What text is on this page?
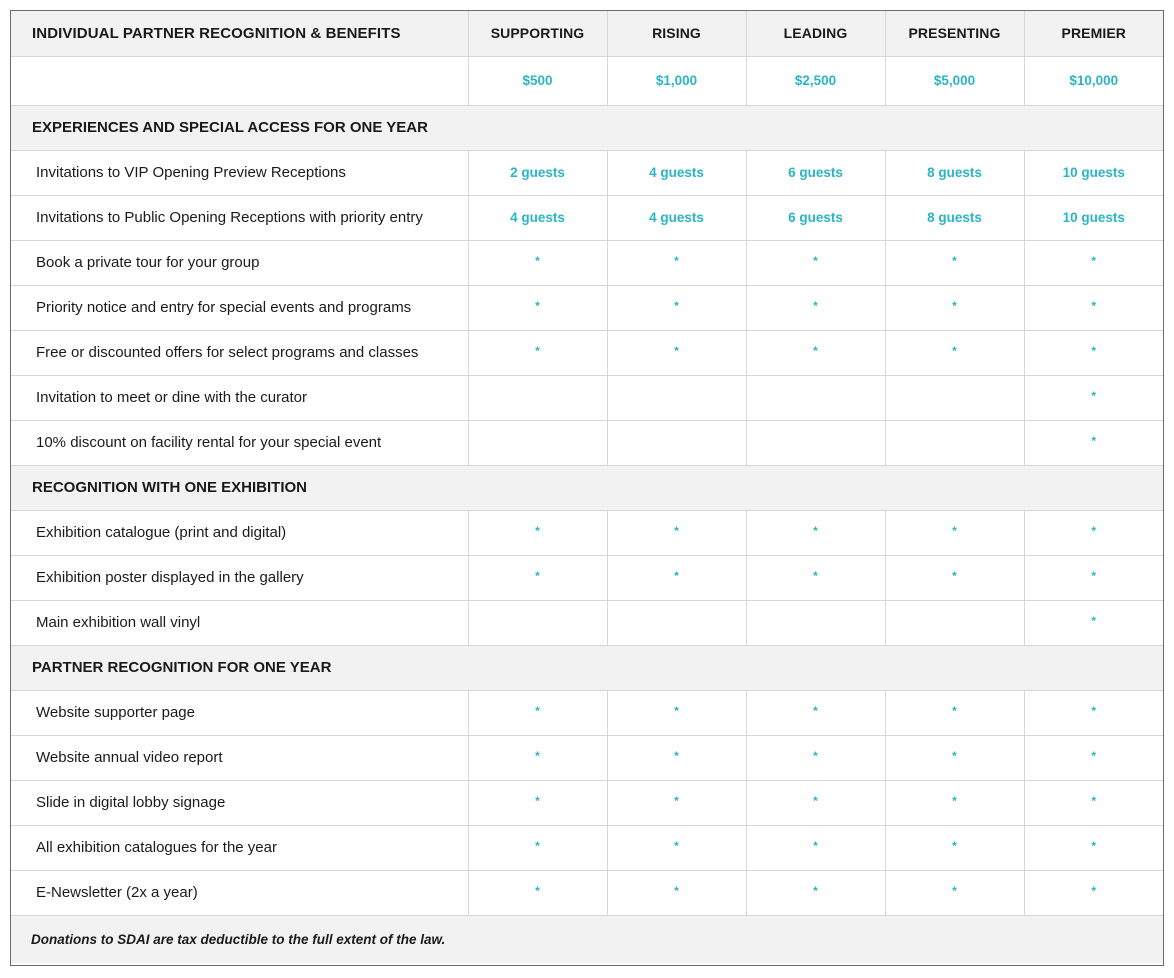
INDIVIDUAL PARTNER RECOGNITION & BENEFITS	SUPPORTING	RISING	LEADING	PRESENTING	PREMIER
	$500	$1,000	$2,500	$5,000	$10,000
EXPERIENCES AND SPECIAL ACCESS FOR ONE YEAR					
Invitations to VIP Opening Preview Receptions	2 guests	4 guests	6 guests	8 guests	10 guests
Invitations to Public Opening Receptions with priority entry	4 guests	4 guests	6 guests	8 guests	10 guests
Book a private tour for your group	*	*	*	*	*
Priority notice and entry for special events and programs	*	*	*	*	*
Free or discounted offers for select programs and classes	*	*	*	*	*
Invitation to meet or dine with the curator					*
10% discount on facility rental for your special event					*
RECOGNITION WITH ONE EXHIBITION					
Exhibition catalogue (print and digital)	*	*	*	*	*
Exhibition poster displayed in the gallery	*	*	*	*	*
Main exhibition wall vinyl					*
PARTNER RECOGNITION FOR ONE YEAR					
Website supporter page	*	*	*	*	*
Website annual video report	*	*	*	*	*
Slide in digital lobby signage	*	*	*	*	*
All exhibition catalogues for the year	*	*	*	*	*
E-Newsletter (2x a year)	*	*	*	*	*
Donations to SDAI are tax deductible to the full extent of the law.					
